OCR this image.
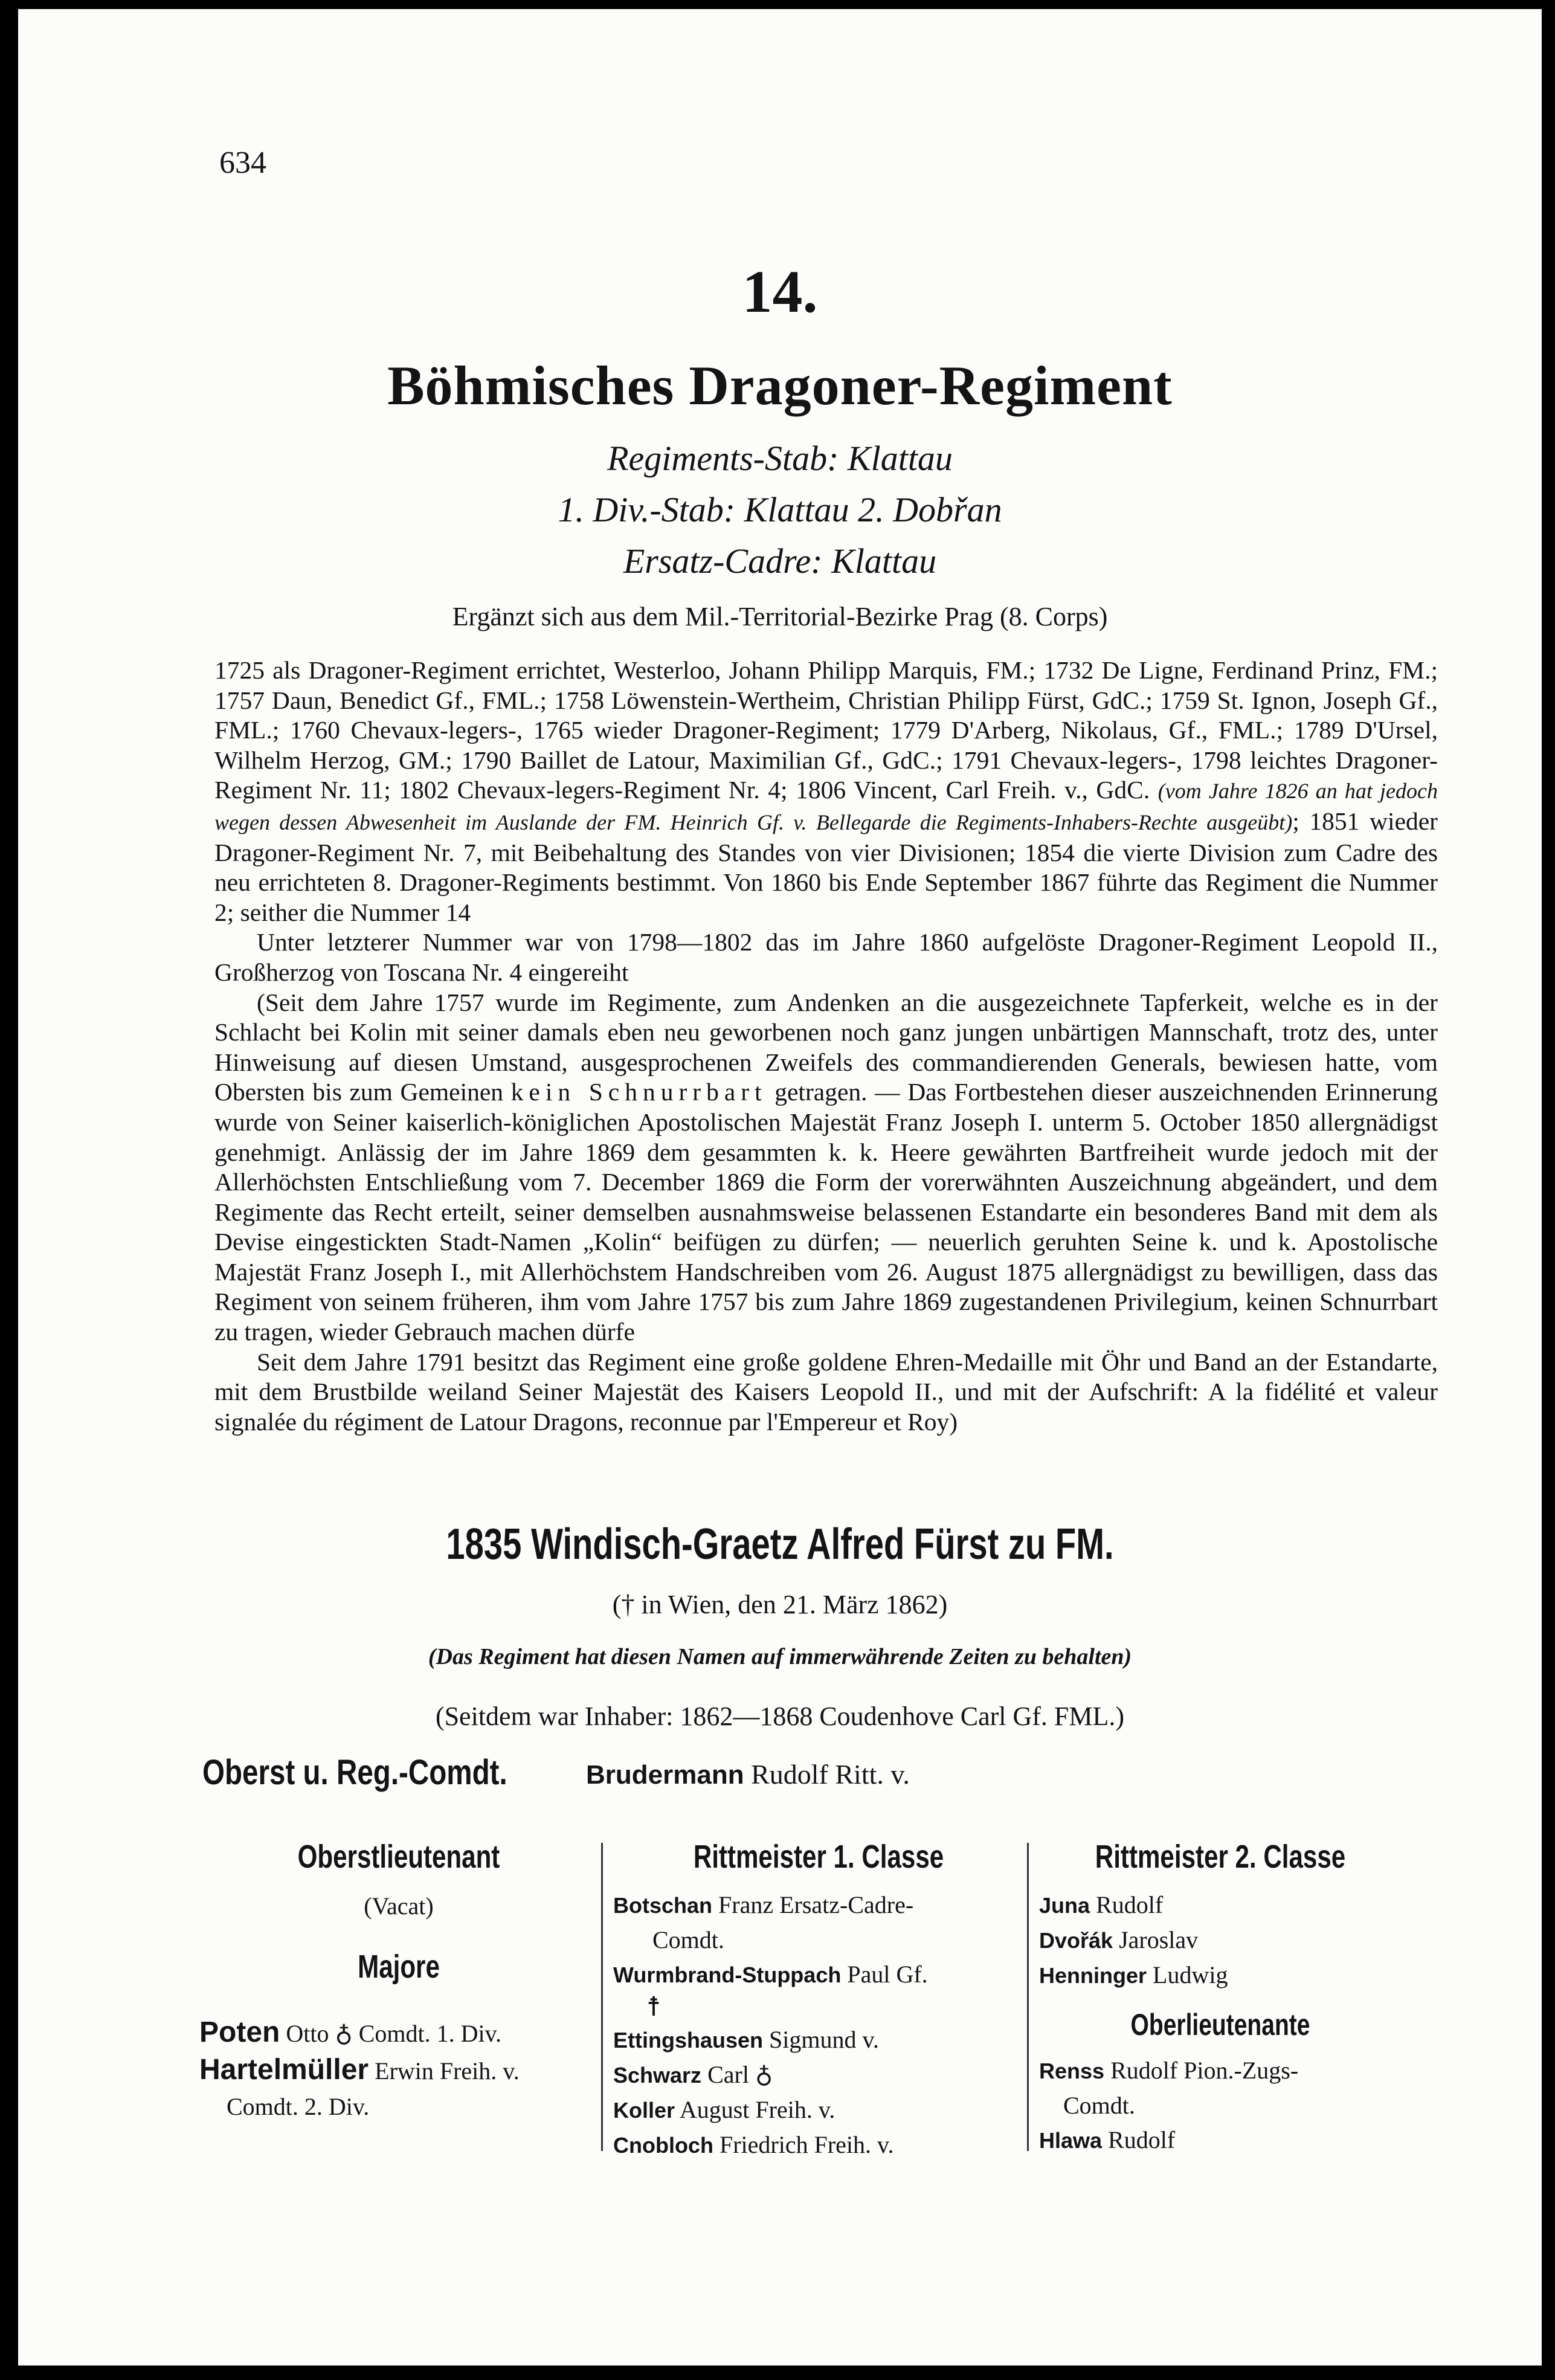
634
14.
Böhmisches Dragoner-Regiment
Regiments-Stab: Klattau
1. Div.-Stab: Klattau 2. Dobřan
Ersatz-Cadre: Klattau
Ergänzt sich aus dem Mil.-Territorial-Bezirke Prag (8. Corps)

1725 als Dragoner-Regiment errichtet, Westerloo, Johann Philipp Marquis, FM.; 1732 De Ligne, Ferdinand Prinz, FM.; 1757 Daun, Benedict Gf., FML.; 1758 Löwenstein-Wertheim, Christian Philipp Fürst, GdC.; 1759 St. Ignon, Joseph Gf., FML.; 1760 Chevaux-legers-, 1765 wieder Dragoner-Regiment; 1779 D'Arberg, Nikolaus, Gf., FML.; 1789 D'Ursel, Wilhelm Herzog, GM.; 1790 Baillet de Latour, Maximilian Gf., GdC.; 1791 Chevaux-legers-, 1798 leichtes Dragoner-Regiment Nr. 11; 1802 Chevaux-legers-Regiment Nr. 4; 1806 Vincent, Carl Freih. v., GdC. (vom Jahre 1826 an hat jedoch wegen dessen Abwesenheit im Auslande der FM. Heinrich Gf. v. Bellegarde die Regiments-Inhabers-Rechte ausgeübt); 1851 wieder Dragoner-Regiment Nr. 7, mit Beibehaltung des Standes von vier Divisionen; 1854 die vierte Division zum Cadre des neu errichteten 8. Dragoner-Regiments bestimmt. Von 1860 bis Ende September 1867 führte das Regiment die Nummer 2; seither die Nummer 14

Unter letzterer Nummer war von 1798—1802 das im Jahre 1860 aufgelöste Dragoner-Regiment Leopold II., Großherzog von Toscana Nr. 4 eingereiht

(Seit dem Jahre 1757 wurde im Regimente, zum Andenken an die ausgezeichnete Tapferkeit, welche es in der Schlacht bei Kolin mit seiner damals eben neu geworbenen noch ganz jungen unbärtigen Mannschaft, trotz des, unter Hinweisung auf diesen Umstand, ausgesprochenen Zweifels des commandierenden Generals, bewiesen hatte, vom Obersten bis zum Gemeinen kein Schnurrbart getragen. — Das Fortbestehen dieser auszeichnenden Erinnerung wurde von Seiner kaiserlich-königlichen Apostolischen Majestät Franz Joseph I. unterm 5. October 1850 allergnädigst genehmigt. Anlässig der im Jahre 1869 dem gesammten k. k. Heere gewährten Bartfreiheit wurde jedoch mit der Allerhöchsten Entschließung vom 7. December 1869 die Form der vorerwähnten Auszeichnung abgeändert, und dem Regimente das Recht erteilt, seiner demselben ausnahmsweise belassenen Estandarte ein besonderes Band mit dem als Devise eingestickten Stadt-Namen „Kolin“ beifügen zu dürfen; — neuerlich geruhten Seine k. und k. Apostolische Majestät Franz Joseph I., mit Allerhöchstem Handschreiben vom 26. August 1875 allergnädigst zu bewilligen, dass das Regiment von seinem früheren, ihm vom Jahre 1757 bis zum Jahre 1869 zugestandenen Privilegium, keinen Schnurrbart zu tragen, wieder Gebrauch machen dürfe

Seit dem Jahre 1791 besitzt das Regiment eine große goldene Ehren-Medaille mit Öhr und Band an der Estandarte, mit dem Brustbilde weiland Seiner Majestät des Kaisers Leopold II., und mit der Aufschrift: A la fidélité et valeur signalée du régiment de Latour Dragons, reconnue par l'Empereur et Roy)

1835 Windisch-Graetz Alfred Fürst zu FM.
(† in Wien, den 21. März 1862)
(Das Regiment hat diesen Namen auf immerwährende Zeiten zu behalten)
(Seitdem war Inhaber: 1862—1868 Coudenhove Carl Gf. FML.)
Oberst u. Reg.-Comdt.	Brudermann Rudolf Ritt. v.
Oberstlieutenant
(Vacat)
Majore
Poten Otto ♁ Comdt. 1. Div.
Hartelmüller Erwin Freih. v.
Comdt. 2. Div.
Rittmeister 1. Classe
Botschan Franz Ersatz-Cadre-
Comdt.
Wurmbrand-Stuppach Paul Gf.
☨
Ettingshausen Sigmund v.
Schwarz Carl ♁
Koller August Freih. v.
Cnobloch Friedrich Freih. v.
Rittmeister 2. Classe
Juna Rudolf
Dvořák Jaroslav
Henninger Ludwig
Oberlieutenante
Renss Rudolf Pion.-Zugs-
Comdt.
Hlawa Rudolf
